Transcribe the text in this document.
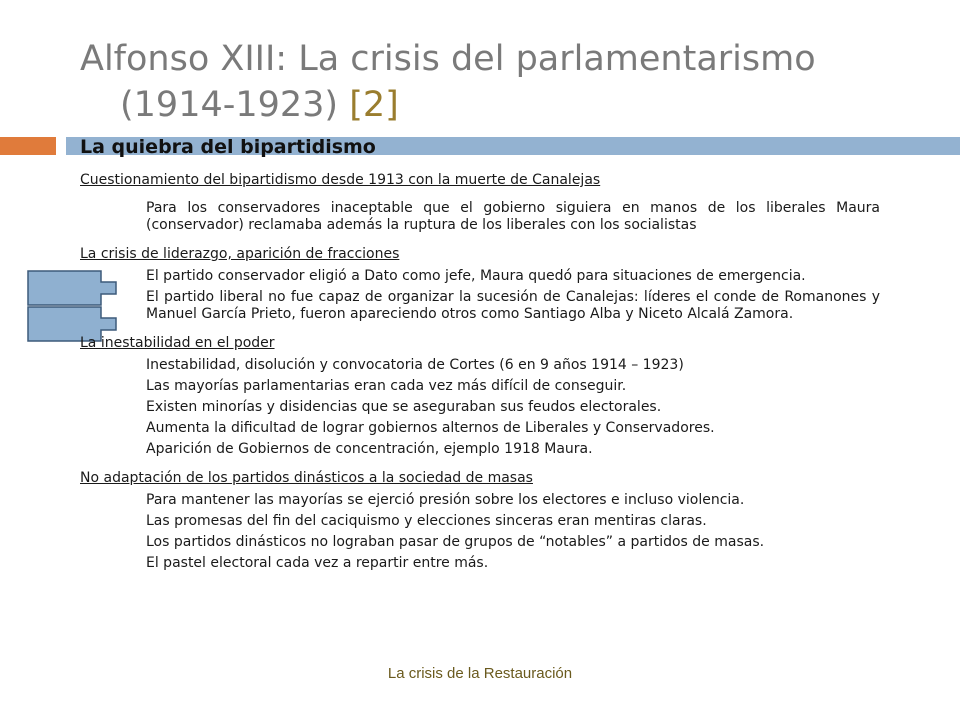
Alfonso XIII: La crisis del parlamentarismo
(1914-1923) [2]
La quiebra del bipartidismo

Cuestionamiento del bipartidismo desde 1913 con la muerte de Canalejas

Para los conservadores inaceptable que el gobierno siguiera en manos de los liberales Maura (conservador) reclamaba además la ruptura de los liberales con los socialistas

La crisis de liderazgo, aparición de fracciones

El partido conservador eligió a Dato como jefe, Maura quedó para situaciones de emergencia.

El partido liberal no fue capaz de organizar la sucesión de Canalejas: líderes el conde de Romanones y Manuel García Prieto, fueron apareciendo otros como Santiago Alba y Niceto Alcalá Zamora.

La inestabilidad en el poder

Inestabilidad, disolución y convocatoria de Cortes (6 en 9 años 1914 – 1923)

Las mayorías parlamentarias eran cada vez más difícil de conseguir.

Existen minorías y disidencias que se aseguraban sus feudos electorales.

Aumenta la dificultad de lograr gobiernos alternos de Liberales y Conservadores.

Aparición de Gobiernos de concentración, ejemplo 1918 Maura.

No adaptación de los partidos dinásticos a la sociedad de masas

Para mantener las mayorías se ejerció presión sobre los electores e incluso violencia.

Las promesas del fin del caciquismo y elecciones sinceras eran mentiras claras.

Los partidos dinásticos no lograban pasar de grupos de “notables” a partidos de masas.

El pastel electoral cada vez a repartir entre más.

La crisis de la Restauración
